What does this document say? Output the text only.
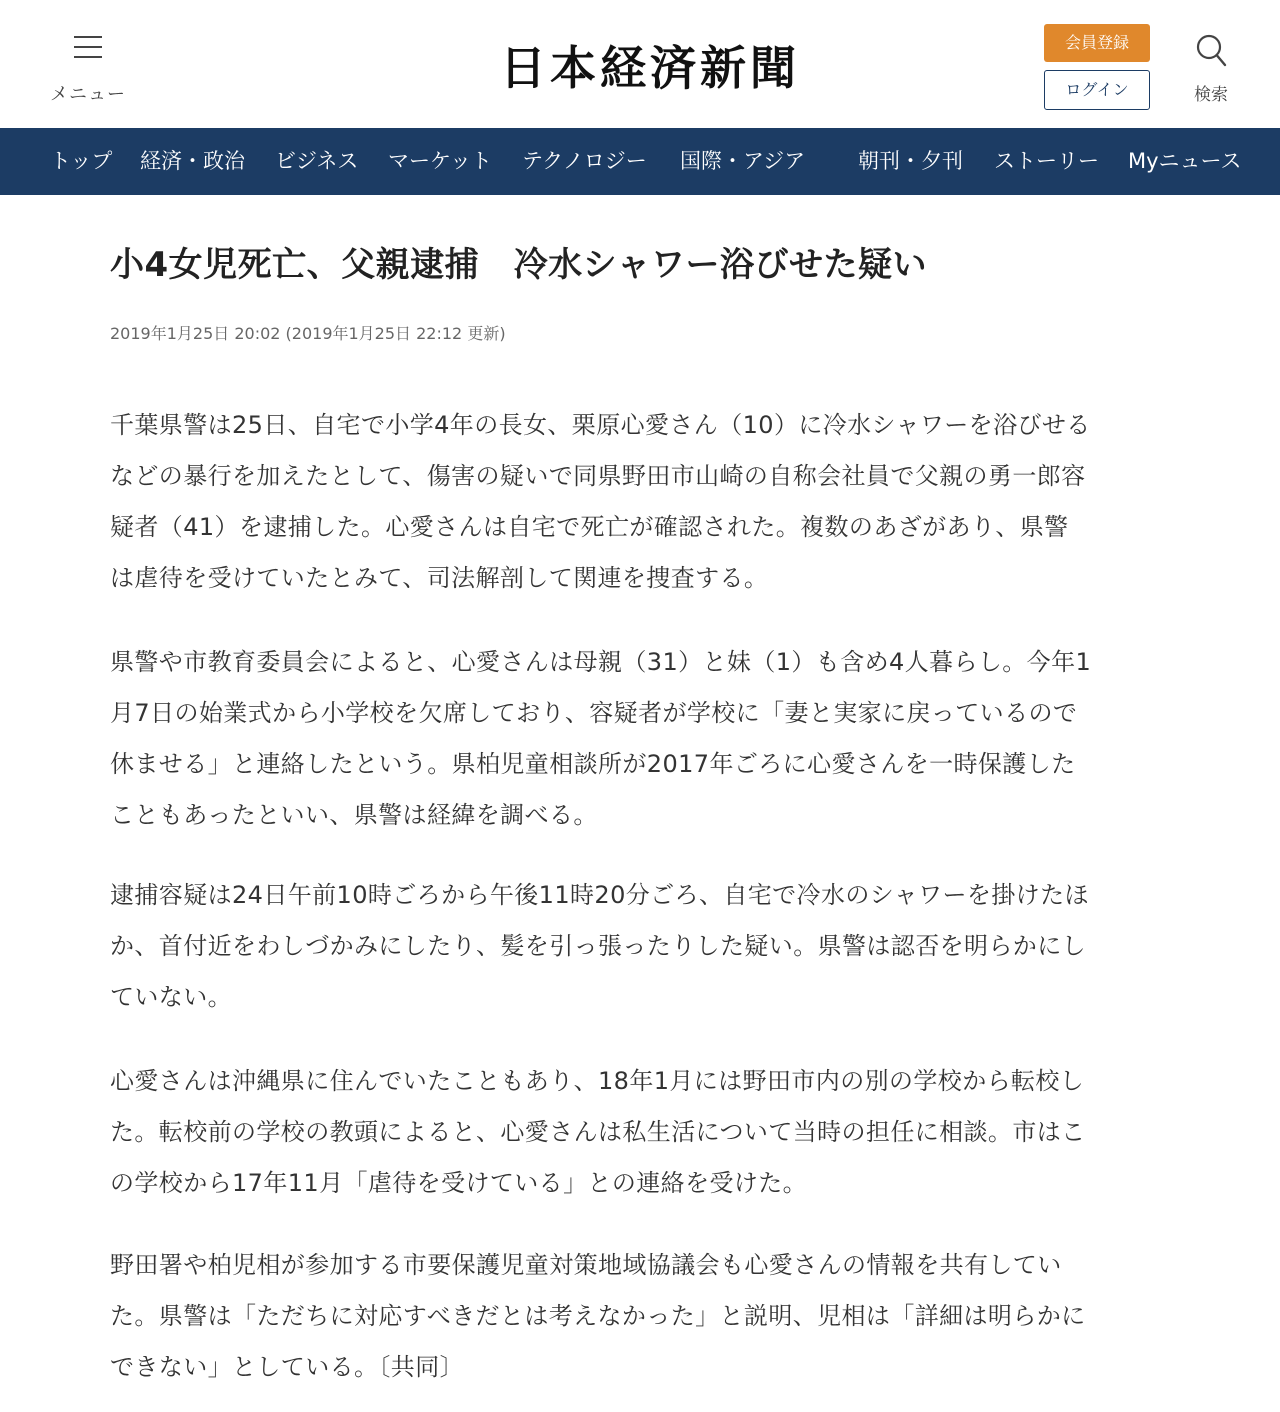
メニュー	日本経済新聞	会員登録
ログイン	検索
トップ 経済・政治 ビジネス マーケット テクノロジー 国際・アジア	朝刊・夕刊 ストーリー Myニュース
小4女児死亡、父親逮捕　冷水シャワー浴びせた疑い
2019年1月25日 20:02 (2019年1月25日 22:12 更新)

千葉県警は25日、自宅で小学4年の長女、栗原心愛さん（10）に冷水シャワーを浴びせる
などの暴行を加えたとして、傷害の疑いで同県野田市山崎の自称会社員で父親の勇一郎容
疑者（41）を逮捕した。心愛さんは自宅で死亡が確認された。複数のあざがあり、県警
は虐待を受けていたとみて、司法解剖して関連を捜査する。

県警や市教育委員会によると、心愛さんは母親（31）と妹（1）も含め4人暮らし。今年1
月7日の始業式から小学校を欠席しており、容疑者が学校に「妻と実家に戻っているので
休ませる」と連絡したという。県柏児童相談所が2017年ごろに心愛さんを一時保護した
こともあったといい、県警は経緯を調べる。

逮捕容疑は24日午前10時ごろから午後11時20分ごろ、自宅で冷水のシャワーを掛けたほ
か、首付近をわしづかみにしたり、髪を引っ張ったりした疑い。県警は認否を明らかにし
ていない。

心愛さんは沖縄県に住んでいたこともあり、18年1月には野田市内の別の学校から転校し
た。転校前の学校の教頭によると、心愛さんは私生活について当時の担任に相談。市はこ
の学校から17年11月「虐待を受けている」との連絡を受けた。

野田署や柏児相が参加する市要保護児童対策地域協議会も心愛さんの情報を共有してい
た。県警は「ただちに対応すべきだとは考えなかった」と説明、児相は「詳細は明らかに
できない」としている。〔共同〕
